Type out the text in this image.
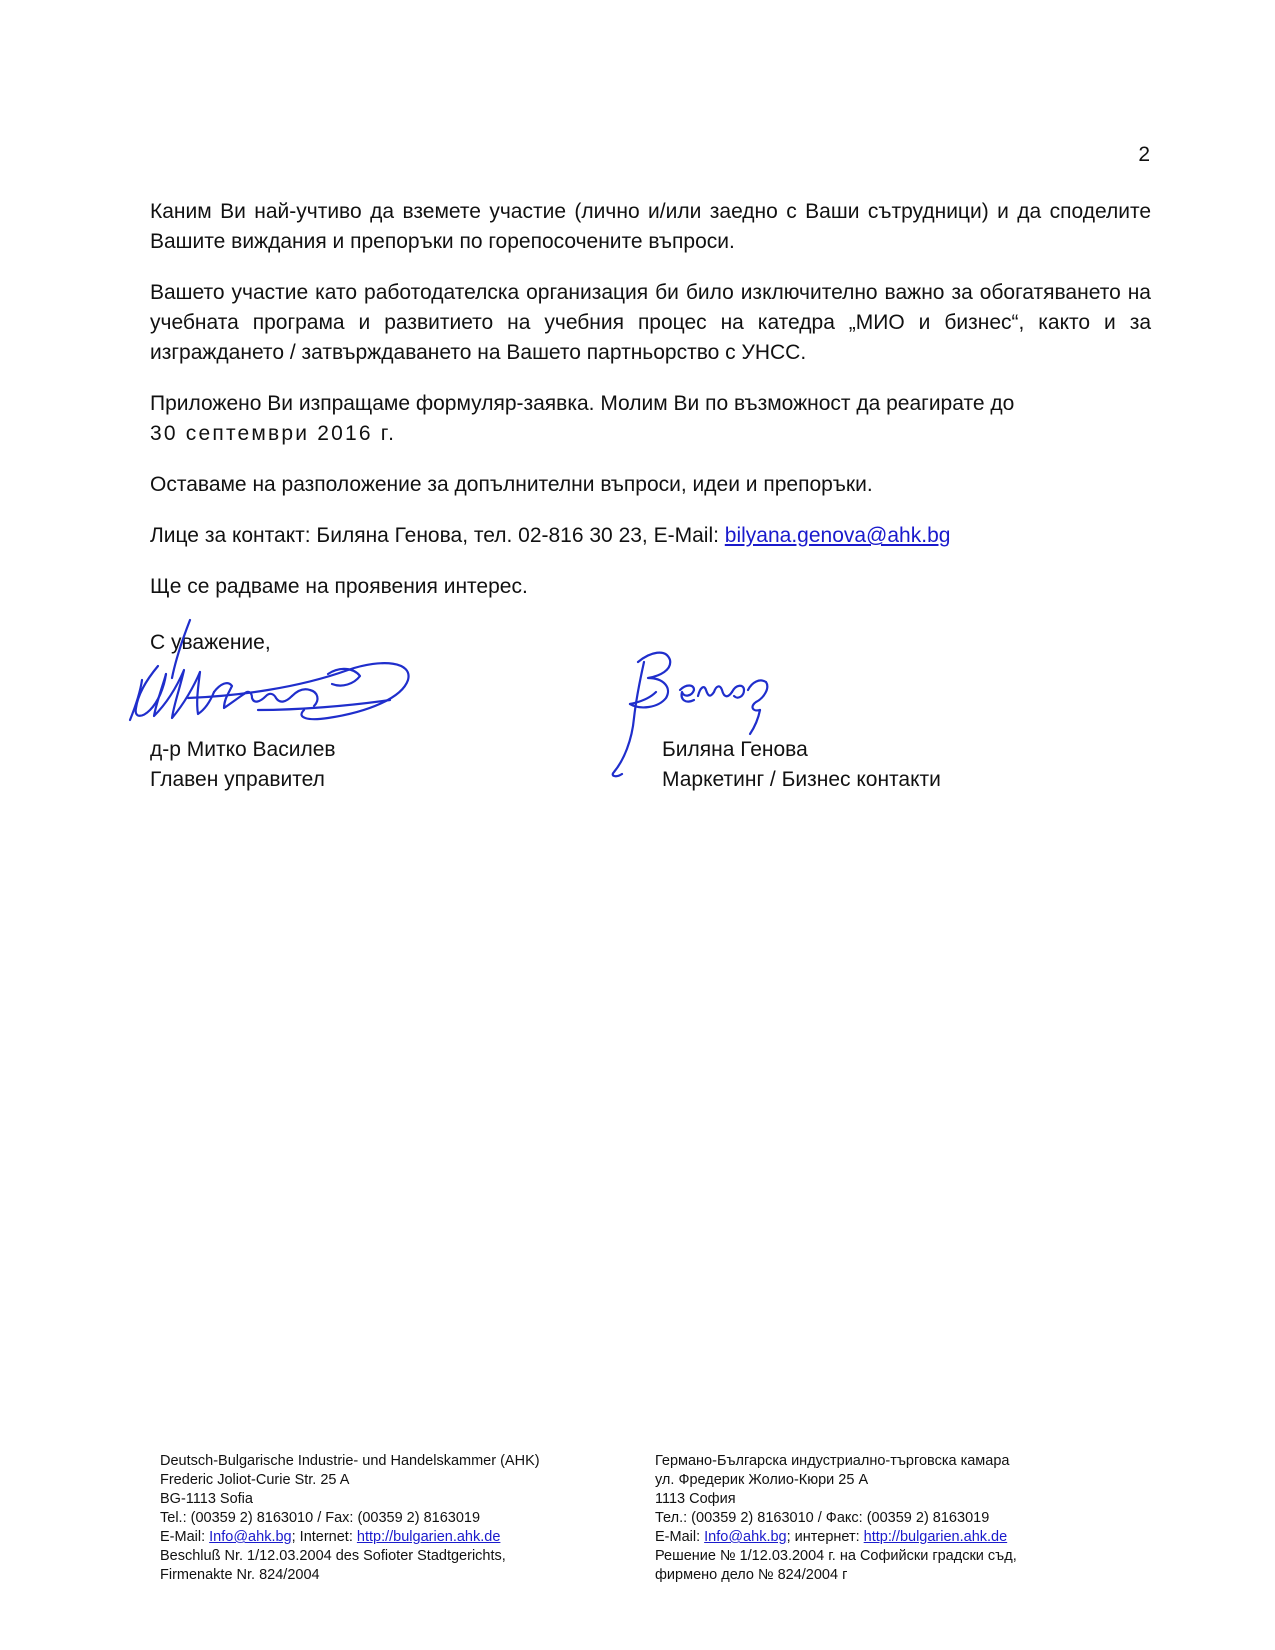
2

Каним Ви най-учтиво да вземете участие (лично и/или заедно с Ваши сътрудници) и да споделите Вашите виждания и препоръки по горепосочените въпроси.

Вашето участие като работодателска организация би било изключително важно за обогатяването на учебната програма и развитието на учебния процес на катедра „МИО и бизнес“, както и за изграждането / затвърждаването на Вашето партньорство с УНСС.

Приложено Ви изпращаме формуляр-заявка. Молим Ви по възможност да реагирате до
30 септември 2016 г.

Оставаме на разположение за допълнителни въпроси, идеи и препоръки.

Лице за контакт: Биляна Генова, тел. 02-816 30 23, E-Mail: bilyana.genova@ahk.bg

Ще се радваме на проявения интерес.

С уважение,

д-р Митко Василев
Главен управител
Биляна Генова
Маркетинг / Бизнес контакти
Deutsch-Bulgarische Industrie- und Handelskammer (AHK)
Frederic Joliot-Curie Str. 25 A
BG-1113 Sofia
Tel.: (00359 2) 8163010 / Fax: (00359 2) 8163019
E-Mail: Info@ahk.bg; Internet: http://bulgarien.ahk.de
Beschluß Nr. 1/12.03.2004 des Sofioter Stadtgerichts,
Firmenakte Nr. 824/2004
Германо-Българска индустриално-търговска камара
ул. Фредерик Жолио-Кюри 25 А
1113 София
Тел.: (00359 2) 8163010 / Факс: (00359 2) 8163019
E-Mail: Info@ahk.bg; интернет: http://bulgarien.ahk.de
Решение № 1/12.03.2004 г. на Софийски градски съд,
фирмено дело № 824/2004 г
